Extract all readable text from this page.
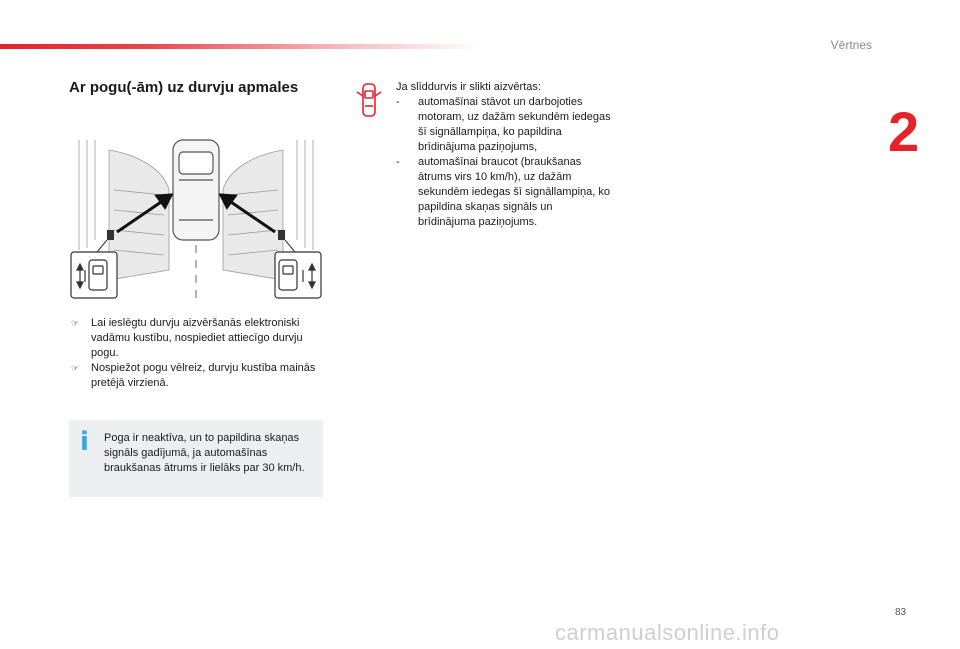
Vērtnes
2
Ar pogu(-ām) uz durvju apmales
☞ Lai ieslēgtu durvju aizvēršanās elektroniski vadāmu kustību, nospiediet attiecīgo durvju pogu.
☞ Nospiežot pogu vēlreiz, durvju kustība mainās pretējā virzienā.
i Poga ir neaktīva, un to papildina skaņas signāls gadījumā, ja automašīnas braukšanas ātrums ir lielāks par 30 km/h.

Ja slīddurvis ir slikti aizvērtas:

- automašīnai stāvot un darbojoties motoram, uz dažām sekundēm iedegas šī signāllampiņa, ko papildina brīdinājuma paziņojums,
- automašīnai braucot (braukšanas ātrums virs 10 km/h), uz dažām sekundēm iedegas šī signāllampiņa, ko papildina skaņas signāls un brīdinājuma paziņojums.
83
carmanualsonline.info
